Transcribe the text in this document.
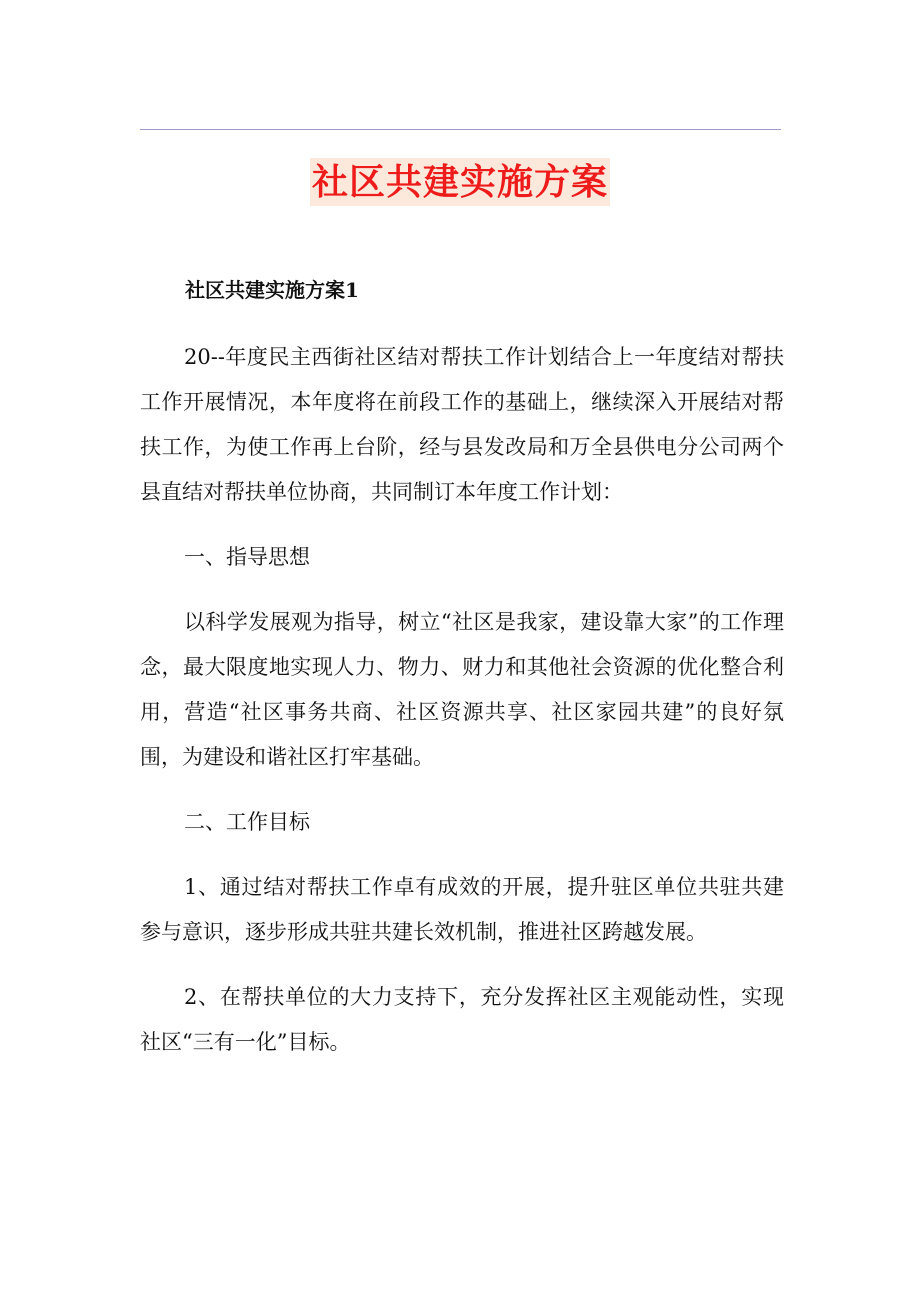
社区共建实施方案
社区共建实施方案1

20--年度民主西街社区结对帮扶工作计划结合上一年度结对帮扶工作开展情况，本年度将在前段工作的基础上，继续深入开展结对帮扶工作，为使工作再上台阶，经与县发改局和万全县供电分公司两个县直结对帮扶单位协商，共同制订本年度工作计划：

一、指导思想

以科学发展观为指导，树立“社区是我家，建设靠大家”的工作理念，最大限度地实现人力、物力、财力和其他社会资源的优化整合利用，营造“社区事务共商、社区资源共享、社区家园共建”的良好氛围，为建设和谐社区打牢基础。

二、工作目标

1、通过结对帮扶工作卓有成效的开展，提升驻区单位共驻共建参与意识，逐步形成共驻共建长效机制，推进社区跨越发展。

2、在帮扶单位的大力支持下，充分发挥社区主观能动性，实现社区“三有一化”目标。
